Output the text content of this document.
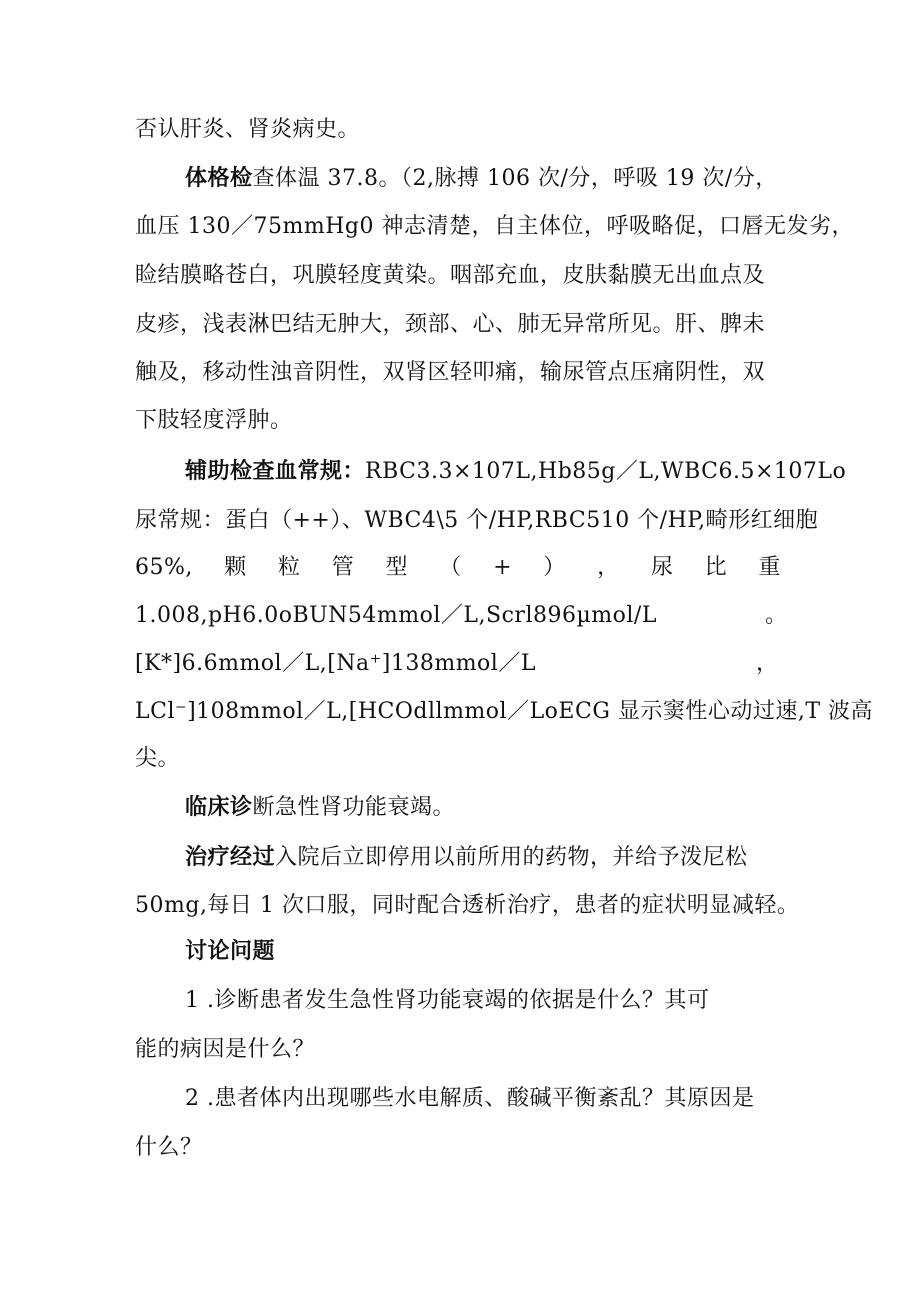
否认肝炎、肾炎病史。
体格检查体温 37.8。（2,脉搏 106 次/分，呼吸 19 次/分，
血压 130／75mmHg0 神志清楚，自主体位，呼吸略促，口唇无发劣，
睑结膜略苍白，巩膜轻度黄染。咽部充血，皮肤黏膜无出血点及
皮疹，浅表淋巴结无肿大，颈部、心、肺无异常所见。肝、脾未
触及，移动性浊音阴性，双肾区轻叩痛，输尿管点压痛阴性，双
下肢轻度浮肿。
辅助检查血常规：RBC3.3×107L,Hb85g／L,WBC6.5×107Lo
尿常规：蛋白（++）、WBC4\5 个/HP,RBC510 个/HP,畸形红细胞
65%, 颗 粒 管 型 （ + ） ， 尿 比 重
1.008,pH6.0oBUN54mmol／L,Scrl896µmol/L	。
[K*]6.6mmol／L,[Na⁺]138mmol／L	，
LCl⁻]108mmol／L,[HCOdllmmol／LoECG 显示窦性心动过速,T 波高
尖。
临床诊断急性肾功能衰竭。
治疗经过入院后立即停用以前所用的药物，并给予泼尼松
50mg,每日 1 次口服，同时配合透析治疗，患者的症状明显减轻。
讨论问题
1 .诊断患者发生急性肾功能衰竭的依据是什么？其可
能的病因是什么？
2 .患者体内出现哪些水电解质、酸碱平衡紊乱？其原因是
什么？
